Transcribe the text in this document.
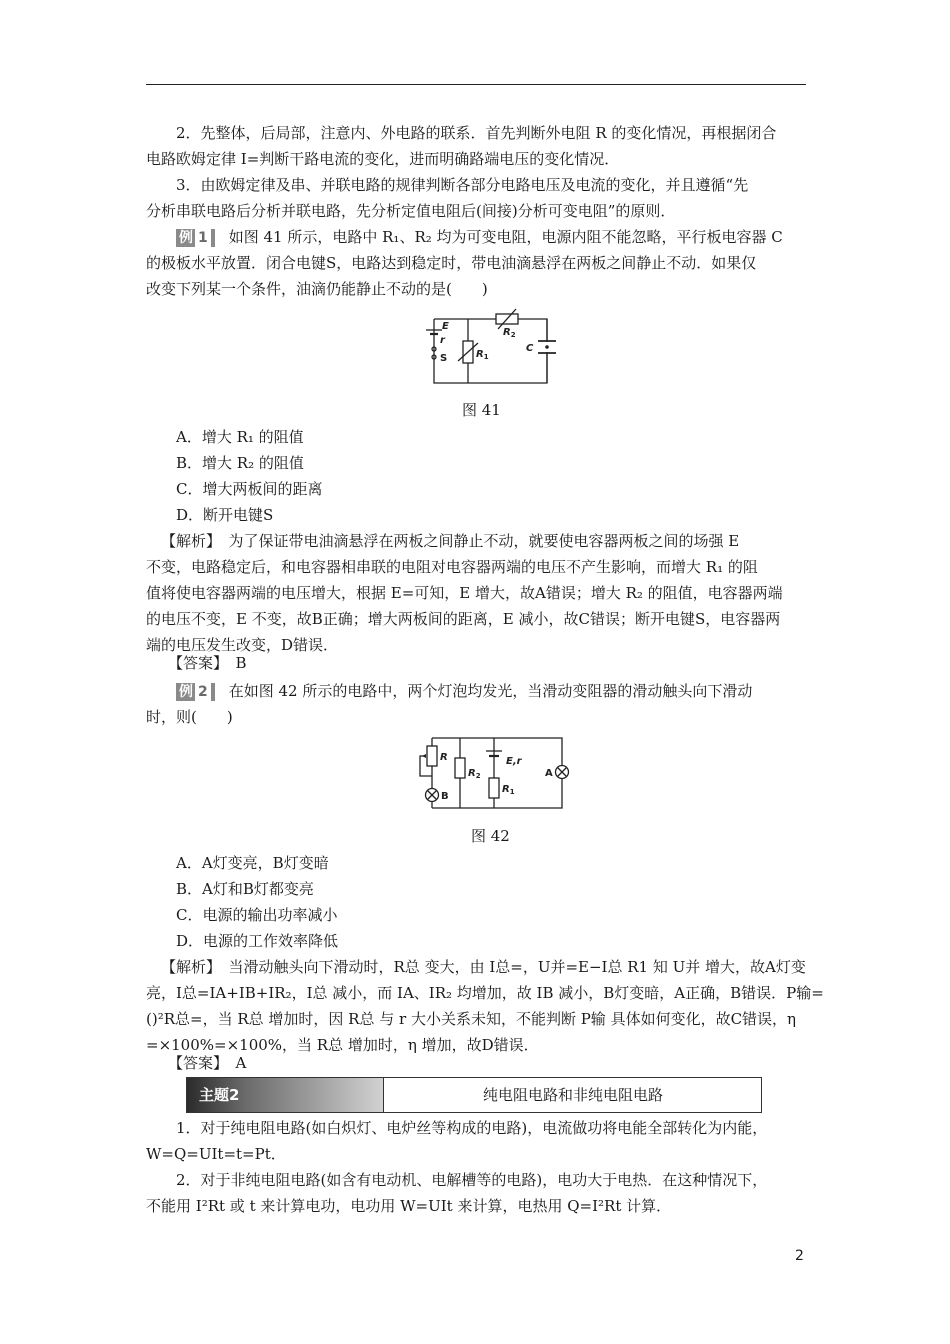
2．先整体，后局部，注意内、外电路的联系．首先判断外电阻 R 的变化情况，再根据闭合
电路欧姆定律 I=判断干路电流的变化，进而明确路端电压的变化情况．
3．由欧姆定律及串、并联电路的规律判断各部分电路电压及电流的变化，并且遵循“先
分析串联电路后分析并联电路，先分析定值电阻后(间接)分析可变电阻”的原则．
例 1 如图 41 所示，电路中 R₁、R₂ 均为可变电阻，电源内阻不能忽略，平行板电容器 C
的极板水平放置．闭合电键S，电路达到稳定时，带电油滴悬浮在两板之间静止不动．如果仅
改变下列某一个条件，油滴仍能静止不动的是(　　)
E
r
S	$R_1$
$R_2$
C
图 41
A．增大 R₁ 的阻值
B．增大 R₂ 的阻值
C．增大两板间的距离
D．断开电键S
【解析】　为了保证带电油滴悬浮在两板之间静止不动，就要使电容器两板之间的场强 E
不变，电路稳定后，和电容器相串联的电阻对电容器两端的电压不产生影响，而增大 R₁ 的阻
值将使电容器两端的电压增大，根据 E=可知，E 增大，故A错误；增大 R₂ 的阻值，电容器两端
的电压不变，E 不变，故B正确；增大两板间的距离，E 减小，故C错误；断开电键S，电容器两
端的电压发生改变，D错误．
【答案】　B
例 2 在如图 42 所示的电路中，两个灯泡均发光，当滑动变阻器的滑动触头向下滑动
时，则(　　)
R
$R_2$
E,r
$R_1$
A
B
图 42
A．A灯变亮，B灯变暗
B．A灯和B灯都变亮
C．电源的输出功率减小
D．电源的工作效率降低
【解析】　当滑动触头向下滑动时，R总 变大，由 I总=，U并=E−I总 R1 知 U并 增大，故A灯变
亮，I总=IA+IB+IR₂，I总 减小，而 IA、IR₂ 均增加，故 IB 减小，B灯变暗，A正确，B错误．P输=
()²R总=，当 R总 增加时，因 R总 与 r 大小关系未知，不能判断 P输 具体如何变化，故C错误，η
=×100%=×100%，当 R总 增加时，η 增加，故D错误．
【答案】　A
主题2	纯电阻电路和非纯电阻电路
1．对于纯电阻电路(如白炽灯、电炉丝等构成的电路)，电流做功将电能全部转化为内能，
W=Q=UIt=t=Pt．
2．对于非纯电阻电路(如含有电动机、电解槽等的电路)，电功大于电热．在这种情况下，
不能用 I²Rt 或 t 来计算电功，电功用 W=UIt 来计算，电热用 Q=I²Rt 计算．
2
